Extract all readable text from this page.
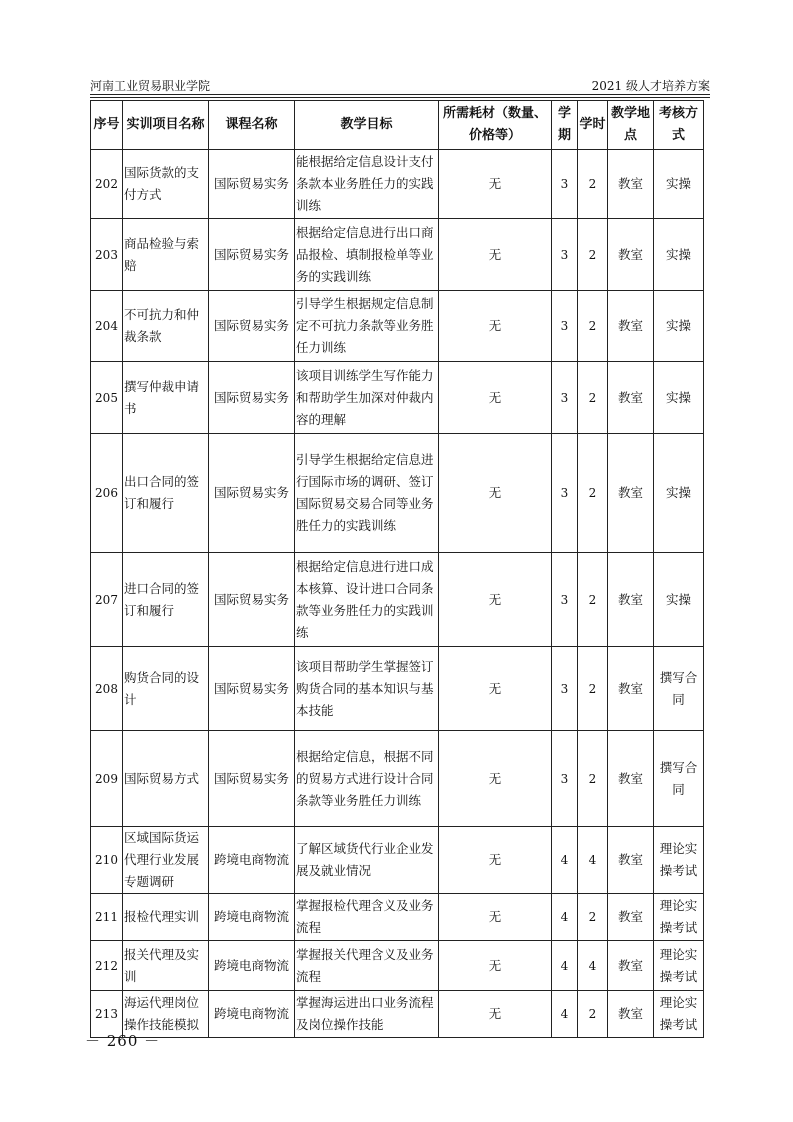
河南工业贸易职业学院	2021 级人才培养方案
序号	实训项目名称	课程名称	教学目标	所需耗材（数量、价格等）	学期	学时	教学地点	考核方式
202	国际货款的支付方式	国际贸易实务	能根据给定信息设计支付条款本业务胜任力的实践训练	无	3	2	教室	实操
203	商品检验与索赔	国际贸易实务	根据给定信息进行出口商品报检、填制报检单等业务的实践训练	无	3	2	教室	实操
204	不可抗力和仲裁条款	国际贸易实务	引导学生根据规定信息制定不可抗力条款等业务胜任力训练	无	3	2	教室	实操
205	撰写仲裁申请书	国际贸易实务	该项目训练学生写作能力和帮助学生加深对仲裁内容的理解	无	3	2	教室	实操
206	出口合同的签订和履行	国际贸易实务	引导学生根据给定信息进行国际市场的调研、签订国际贸易交易合同等业务胜任力的实践训练	无	3	2	教室	实操
207	进口合同的签订和履行	国际贸易实务	根据给定信息进行进口成本核算、设计进口合同条款等业务胜任力的实践训练	无	3	2	教室	实操
208	购货合同的设计	国际贸易实务	该项目帮助学生掌握签订购货合同的基本知识与基本技能	无	3	2	教室	撰写合同
209	国际贸易方式	国际贸易实务	根据给定信息，根据不同的贸易方式进行设计合同条款等业务胜任力训练	无	3	2	教室	撰写合同
210	区域国际货运代理行业发展专题调研	跨境电商物流	了解区域货代行业企业发展及就业情况	无	4	4	教室	理论实操考试
211	报检代理实训	跨境电商物流	掌握报检代理含义及业务流程	无	4	2	教室	理论实操考试
212	报关代理及实训	跨境电商物流	掌握报关代理含义及业务流程	无	4	4	教室	理论实操考试
213	海运代理岗位操作技能模拟	跨境电商物流	掌握海运进出口业务流程及岗位操作技能	无	4	2	教室	理论实操考试
－ 260 －
